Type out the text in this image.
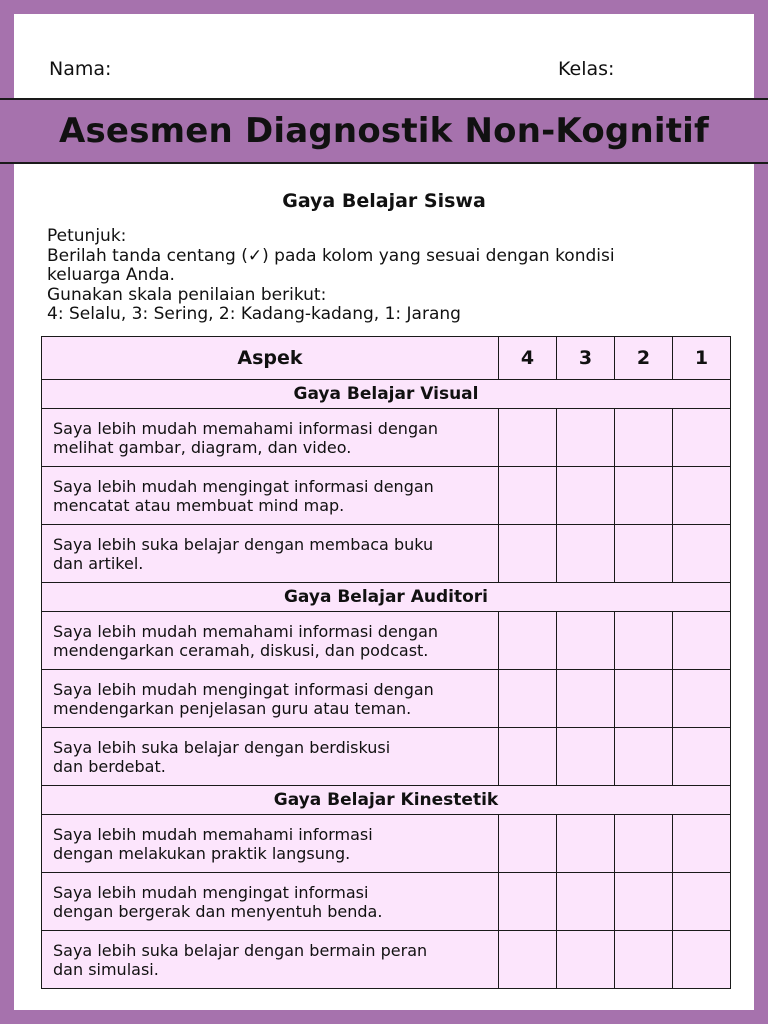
Nama:	Kelas:
Asesmen Diagnostik Non-Kognitif
Gaya Belajar Siswa
Petunjuk:
Berilah tanda centang (✓) pada kolom yang sesuai dengan kondisi
keluarga Anda.
Gunakan skala penilaian berikut:
4: Selalu, 3: Sering, 2: Kadang-kadang, 1: Jarang
Aspek	4	3	2	1
Gaya Belajar Visual				

Saya lebih mudah memahami informasi dengan
melihat gambar, diagram, dan video.				

Saya lebih mudah mengingat informasi dengan
mencatat atau membuat mind map.				

Saya lebih suka belajar dengan membaca buku
dan artikel.				

Gaya Belajar Auditori				

Saya lebih mudah memahami informasi dengan
mendengarkan ceramah, diskusi, dan podcast.				

Saya lebih mudah mengingat informasi dengan
mendengarkan penjelasan guru atau teman.				

Saya lebih suka belajar dengan berdiskusi
dan berdebat.				

Gaya Belajar Kinestetik				

Saya lebih mudah memahami informasi
dengan melakukan praktik langsung.				

Saya lebih mudah mengingat informasi
dengan bergerak dan menyentuh benda.				

Saya lebih suka belajar dengan bermain peran
dan simulasi.				
